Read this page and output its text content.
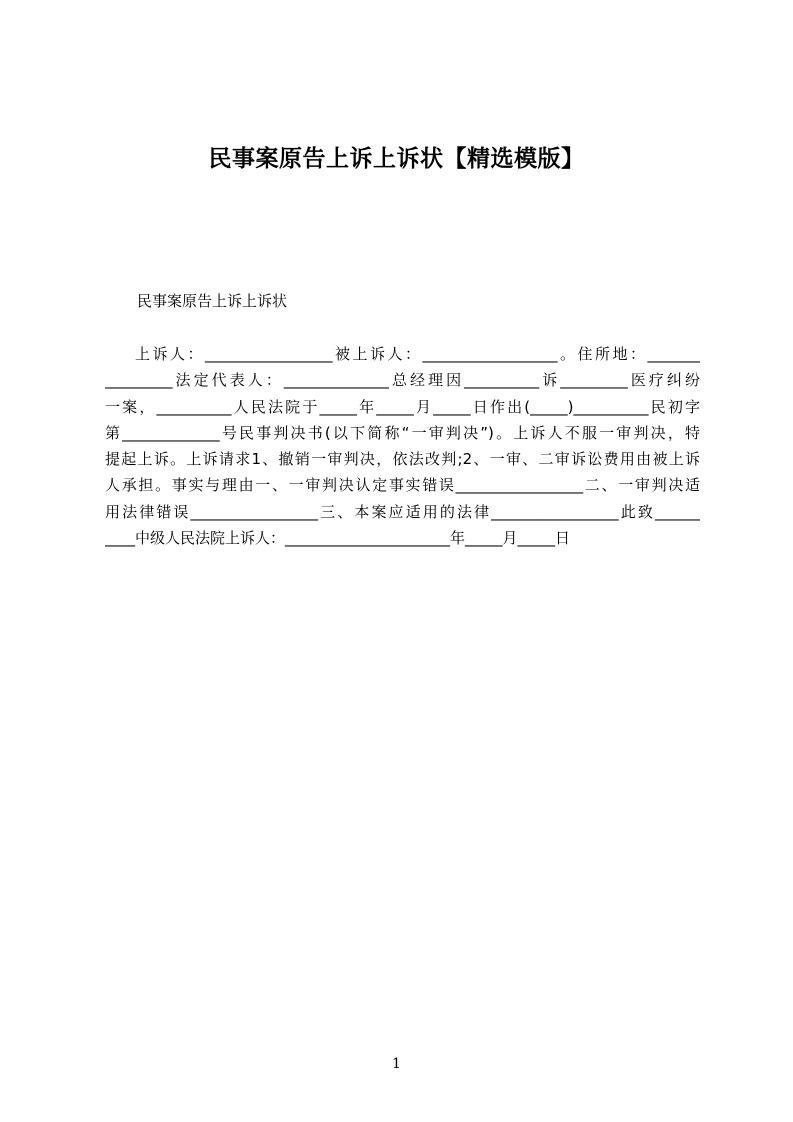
民事案原告上诉上诉状【精选模版】
民事案原告上诉上诉状
上诉人：_________________被上诉人：__________________。住所地：_______
_________法定代表人：______________总经理因__________诉_________医疗纠纷
一案，__________人民法院于_____年_____月_____日作出(_____)__________民初字
第_____________号民事判决书(以下简称“一审判决”)。上诉人不服一审判决，特
提起上诉。上诉请求1、撤销一审判决，依法改判;2、一审、二审诉讼费用由被上诉
人承担。事实与理由一、一审判决认定事实错误_________________二、一审判决适
用法律错误_________________三、本案应适用的法律_________________此致______
____中级人民法院上诉人：______________________年_____月_____日
1
